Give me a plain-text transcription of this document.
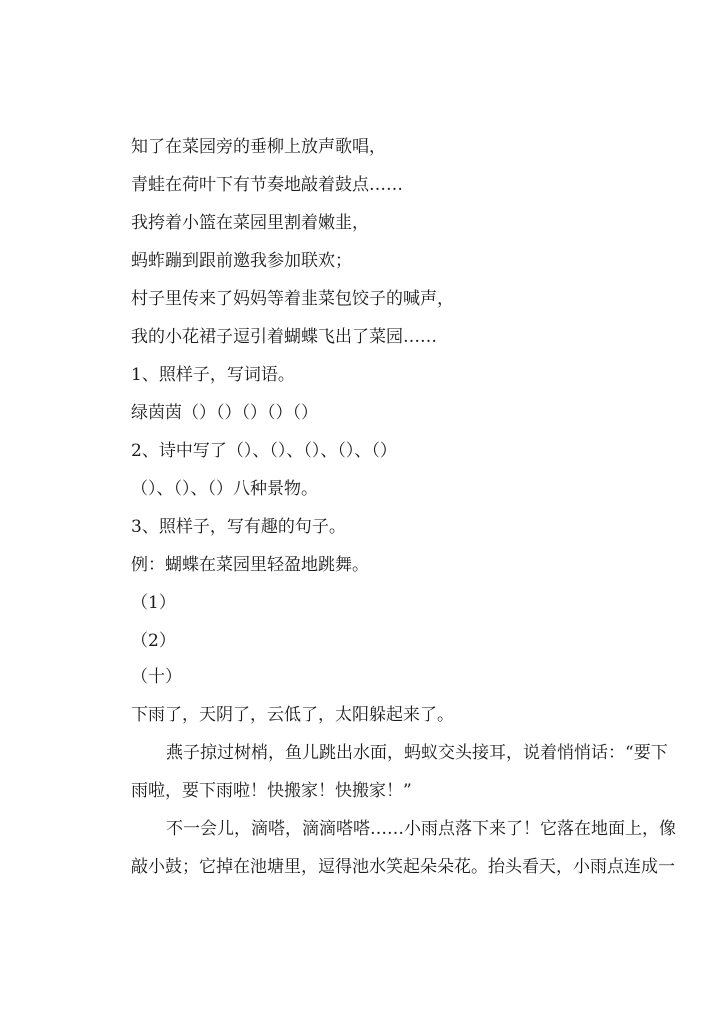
知了在菜园旁的垂柳上放声歌唱，
青蛙在荷叶下有节奏地敲着鼓点……
我挎着小篮在菜园里割着嫩韭，
蚂蚱蹦到跟前邀我参加联欢；
村子里传来了妈妈等着韭菜包饺子的喊声，
我的小花裙子逗引着蝴蝶飞出了菜园……
1、照样子，写词语。
绿茵茵（）（）（）（）（）
2、诗中写了（）、（）、（）、（）、（）
（）、（）、（）八种景物。
3、照样子，写有趣的句子。
例：蝴蝶在菜园里轻盈地跳舞。
（1）
（2）
（十）
下雨了，天阴了，云低了，太阳躲起来了。
燕子掠过树梢，鱼儿跳出水面，蚂蚁交头接耳，说着悄悄话：“要下
雨啦，要下雨啦！快搬家！快搬家！”
不一会儿，滴嗒，滴滴嗒嗒……小雨点落下来了！它落在地面上，像
敲小鼓；它掉在池塘里，逗得池水笑起朵朵花。抬头看天，小雨点连成一
